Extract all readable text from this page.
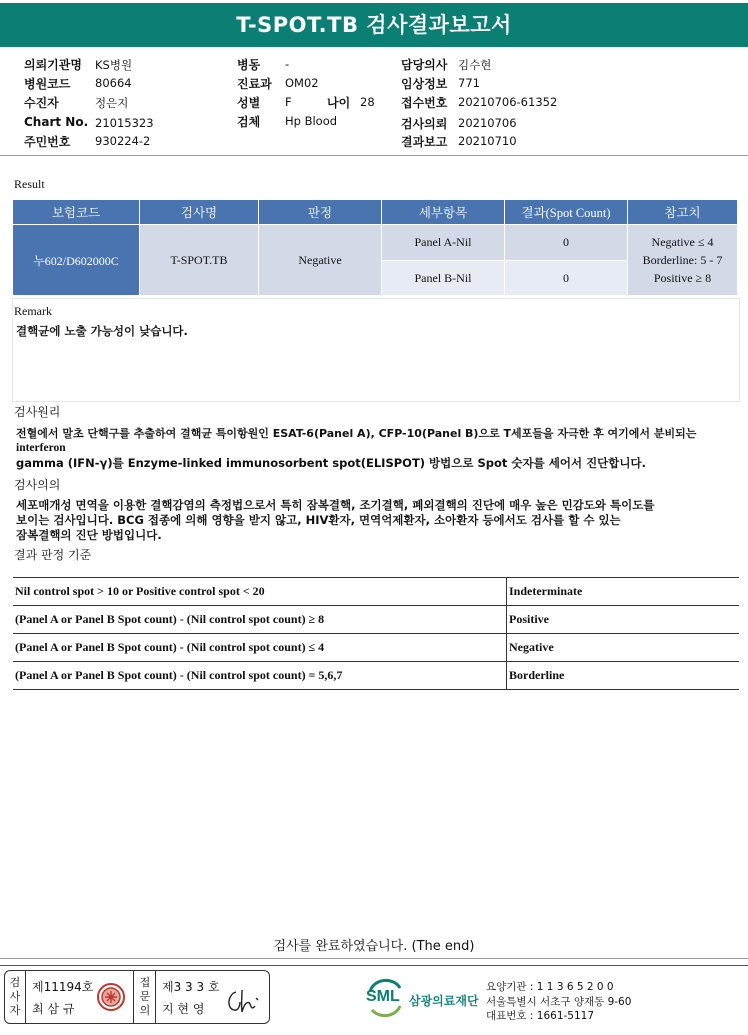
T-SPOT.TB 검사결과보고서
의뢰기관명 KS병원
병원코드 80664
수진자	정은지
Chart No. 21015323
주민번호 930224-2
병동 -
진료과 OM02
성별 F	나이 28
검체 Hp Blood
담당의사 김수현
임상정보 771
접수번호 20210706-61352
검사의뢰 20210706
결과보고 20210710
Result
보험코드	검사명	판정	세부항목	결과(Spot Count)	참고치
누602/D602000C	T-SPOT.TB	Negative	Panel A-Nil	0	Negative ≤ 4
Borderline: 5 - 7
Positive ≥ 8

			Panel B-Nil	0	
Remark
결핵균에 노출 가능성이 낮습니다.
검사원리
전혈에서 말초 단핵구를 추출하여 결핵균 특이항원인 ESAT-6(Panel A), CFP-10(Panel B)으로 T세포들을 자극한 후 여기에서 분비되는
interferon
gamma (IFN-γ)를 Enzyme-linked immunosorbent spot(ELISPOT) 방법으로 Spot 숫자를 세어서 진단합니다.
검사의의
세포매개성 면역을 이용한 결핵감염의 측정법으로서 특히 잠복결핵, 조기결핵, 폐외결핵의 진단에 매우 높은 민감도와 특이도를
보이는 검사입니다. BCG 접종에 의해 영향을 받지 않고, HIV환자, 면역억제환자, 소아환자 등에서도 검사를 할 수 있는
잠복결핵의 진단 방법입니다.
결과 판정 기준
Nil control spot > 10 or Positive control spot < 20	Indeterminate
(Panel A or Panel B Spot count) - (Nil control spot count) ≥ 8	Positive
(Panel A or Panel B Spot count) - (Nil control spot count) ≤ 4	Negative
(Panel A or Panel B Spot count) - (Nil control spot count) = 5,6,7	Borderline
검사를 완료하였습니다. (The end)
검사자
제11194호
최 삼 규
접문의
제3 3 3 호
지 현 영
SML 삼광의료재단
요양기관 : 1 1 3 6 5 2 0 0
서울특별시 서초구 양재동 9-60
대표번호 : 1661-5117
